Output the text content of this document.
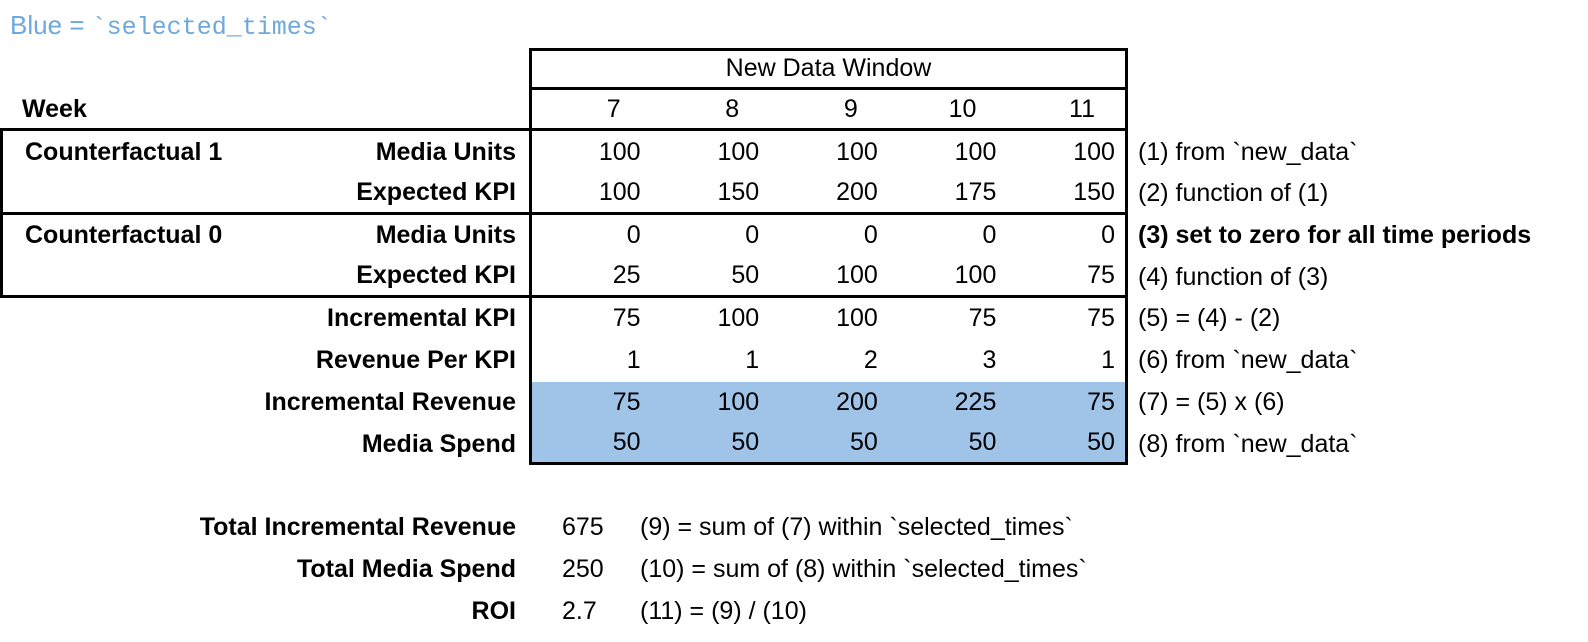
Blue = `selected_times`
New Data Window
Week	7	8	9	10	11
Counterfactual 1	Media Units	100	100	100	100	100 (1) from `new_data`
Expected KPI	100	150	200	175	150 (2) function of (1)
Counterfactual 0	Media Units	0	0	0	0	0 (3) set to zero for all time periods
Expected KPI	25	50	100	100	75 (4) function of (3)
Incremental KPI	75	100	100	75	75 (5) = (4) - (2)
Revenue Per KPI	1	1	2	3	1 (6) from `new_data`
Incremental Revenue	75	100	200	225	75 (7) = (5) x (6)
Media Spend	50	50	50	50	50 (8) from `new_data`
Total Incremental Revenue 675 (9) = sum of (7) within `selected_times`
Total Media Spend 250 (10) = sum of (8) within `selected_times`
ROI 2.7 (11) = (9) / (10)
